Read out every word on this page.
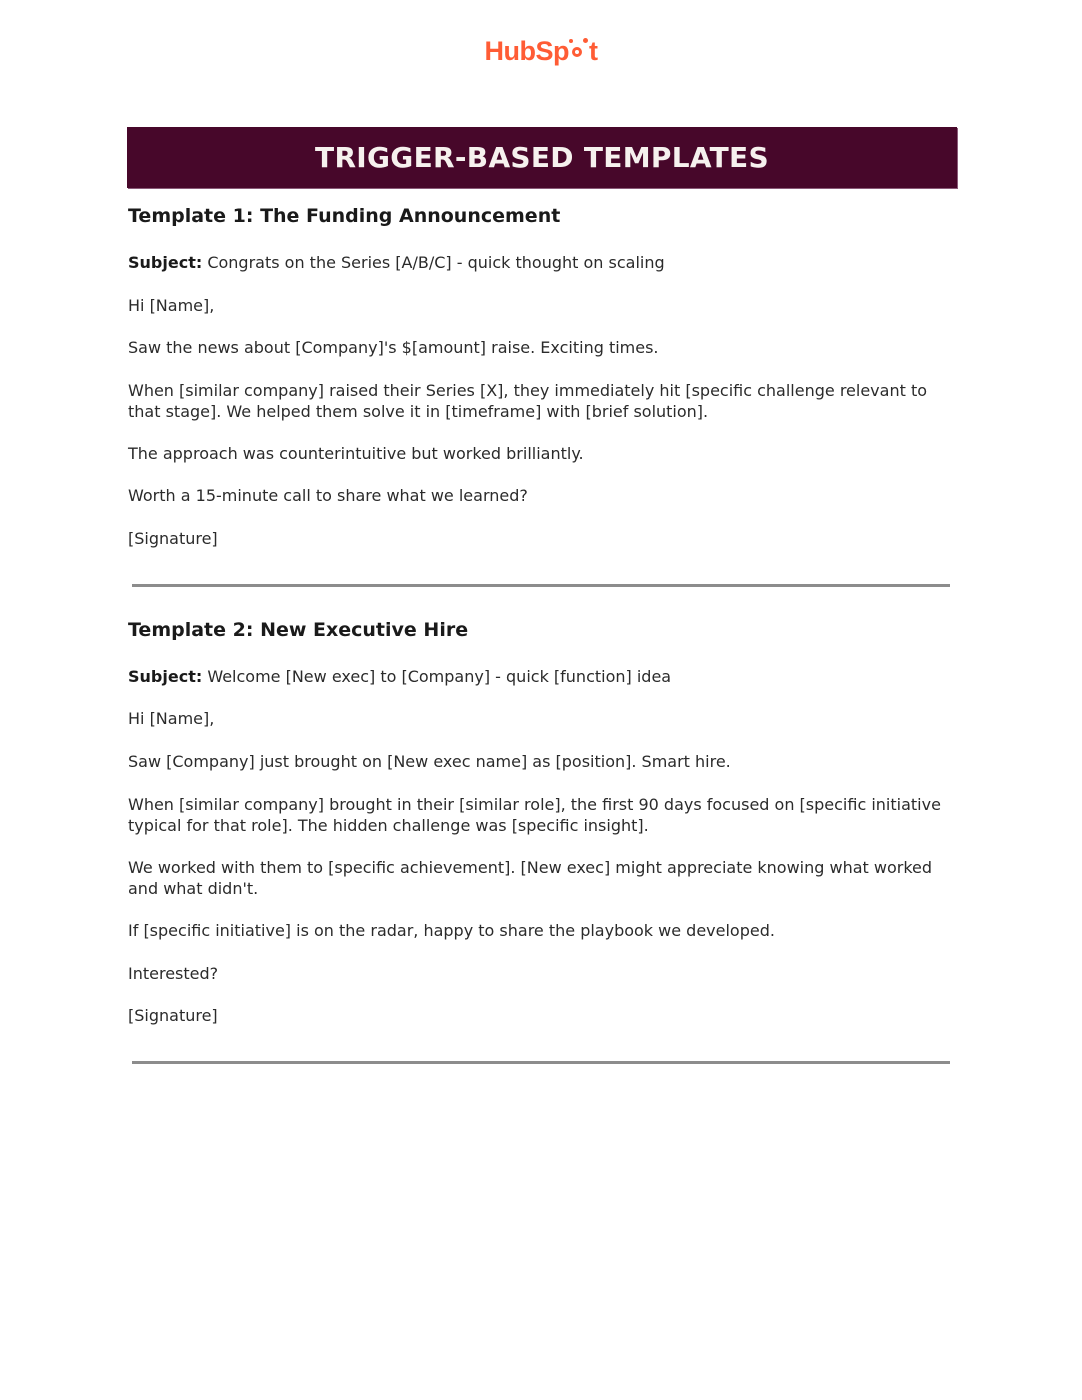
HubSp t
TRIGGER-BASED TEMPLATES
Template 1: The Funding Announcement
Subject: Congrats on the Series [A/B/C] - quick thought on scaling
Hi [Name],
Saw the news about [Company]'s $[amount] raise. Exciting times.
When [similar company] raised their Series [X], they immediately hit [specific challenge relevant to that stage]. We helped them solve it in [timeframe] with [brief solution].
The approach was counterintuitive but worked brilliantly.
Worth a 15-minute call to share what we learned?
[Signature]
Template 2: New Executive Hire
Subject: Welcome [New exec] to [Company] - quick [function] idea
Hi [Name],
Saw [Company] just brought on [New exec name] as [position]. Smart hire.
When [similar company] brought in their [similar role], the first 90 days focused on [specific initiative typical for that role]. The hidden challenge was [specific insight].
We worked with them to [specific achievement]. [New exec] might appreciate knowing what worked and what didn't.
If [specific initiative] is on the radar, happy to share the playbook we developed.
Interested?
[Signature]
